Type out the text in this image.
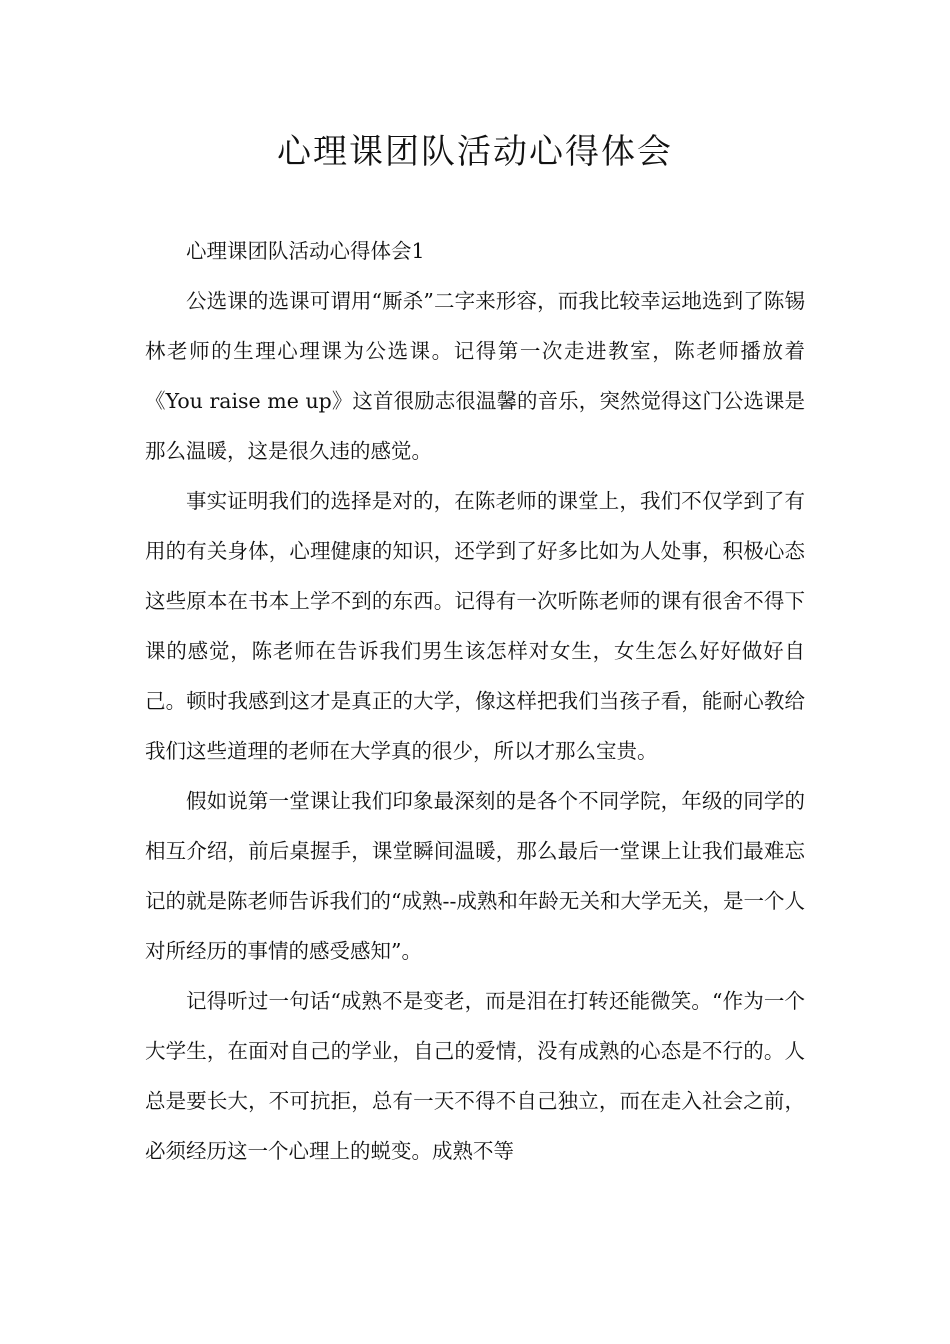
心理课团队活动心得体会

心理课团队活动心得体会1

公选课的选课可谓用“厮杀”二字来形容，而我比较幸运地选到了陈锡林老师的生理心理课为公选课。记得第一次走进教室，陈老师播放着《You raise me up》这首很励志很温馨的音乐，突然觉得这门公选课是那么温暖，这是很久违的感觉。

事实证明我们的选择是对的，在陈老师的课堂上，我们不仅学到了有用的有关身体，心理健康的知识，还学到了好多比如为人处事，积极心态这些原本在书本上学不到的东西。记得有一次听陈老师的课有很舍不得下课的感觉，陈老师在告诉我们男生该怎样对女生，女生怎么好好做好自己。顿时我感到这才是真正的大学，像这样把我们当孩子看，能耐心教给我们这些道理的老师在大学真的很少，所以才那么宝贵。

假如说第一堂课让我们印象最深刻的是各个不同学院，年级的同学的相互介绍，前后桌握手，课堂瞬间温暖，那么最后一堂课上让我们最难忘记的就是陈老师告诉我们的“成熟--成熟和年龄无关和大学无关，是一个人对所经历的事情的感受感知”。

记得听过一句话“成熟不是变老，而是泪在打转还能微笑。“作为一个大学生，在面对自己的学业，自己的爱情，没有成熟的心态是不行的。人总是要长大，不可抗拒，总有一天不得不自己独立，而在走入社会之前，必须经历这一个心理上的蜕变。成熟不等
